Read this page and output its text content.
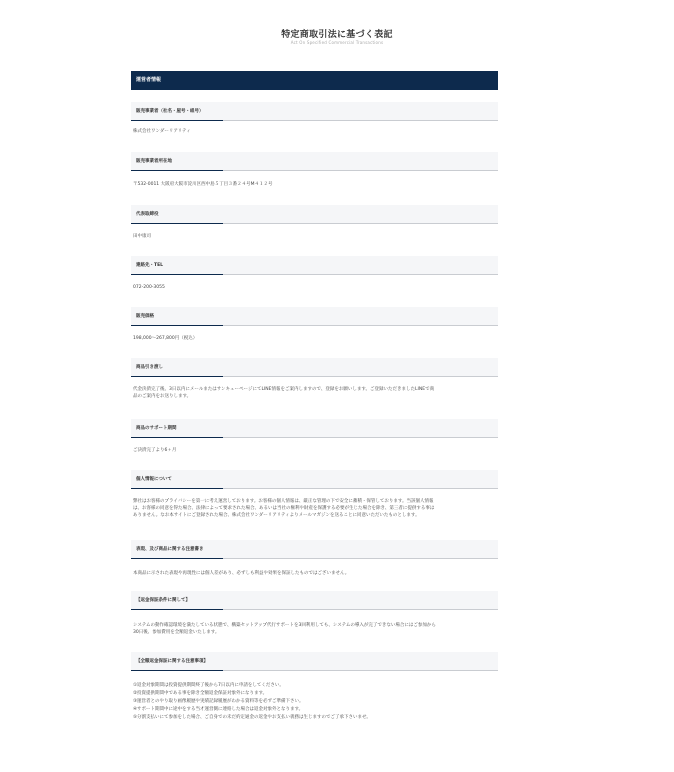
特定商取引法に基づく表記
Act On Specified Commercial Transactions
運営者情報
販売事業者（社名・屋号・組号）
株式会社ワンダーリアリティ
販売事業者所在地
〒532-0011 大阪府大阪市淀川区西中島５丁目３番２４号M４１２号
代表取締役
田中康司
連絡先・TEL
072-200-3055
販売価格
198,000〜267,800円（税込）
商品引き渡し
代金決済完了後、3日以内にメールまたはサンキューページにてLINE情報をご案内しますので、登録をお願いします。ご登録いただきましたLINEで商
品のご案内をお送りします。
商品のサポート期間
ご決済完了より6ヶ月
個人情報について
弊社はお客様のプライバシーを第一に考え運営しております。お客様の個人情報は、厳正な管理の下で安全に蓄積・保管しております。当該個人情報
は、お客様の同意を得た場合、法律によって要求された場合、あるいは当社の権利や財産を保護する必要が生じた場合を除き、第三者に提供する事は
ありません。なお本サイトにご登録された場合、株式会社ワンダーリアリティよりメールマガジンを送ることに同意いただいたものとします。
表現、及び商品に関する注意書き
本商品に示された表現や再現性には個人差があり、必ずしも利益や効果を保証したものではございません。
【返金保証条件に関して】
システムの動作確認環境を満たしている状態で、構築セットアップ代行サポートを3回利用しても、システムの導入が完了できない場合にはご参加から
30日後、参加費用を全額返金いたします。
【全額返金保証に関する注意事項】
①返金対象期間は投資提供期間終了後から7日以内に申請をしてください。
②投資提供期間中である事を除き全額返金保証対象外になります。
③運営者とのやり取り画像履歴や実績記録履歴がわかる資料等を必ずご準備下さい。
④サポート期間中に途中をする当才運営側に連絡した場合は返金対象外となります。
⑤分割支払いにて参加をした場合、ご自身での未だ約定通金の返金やお支払い義務は生じますのでご了承下さいませ。
